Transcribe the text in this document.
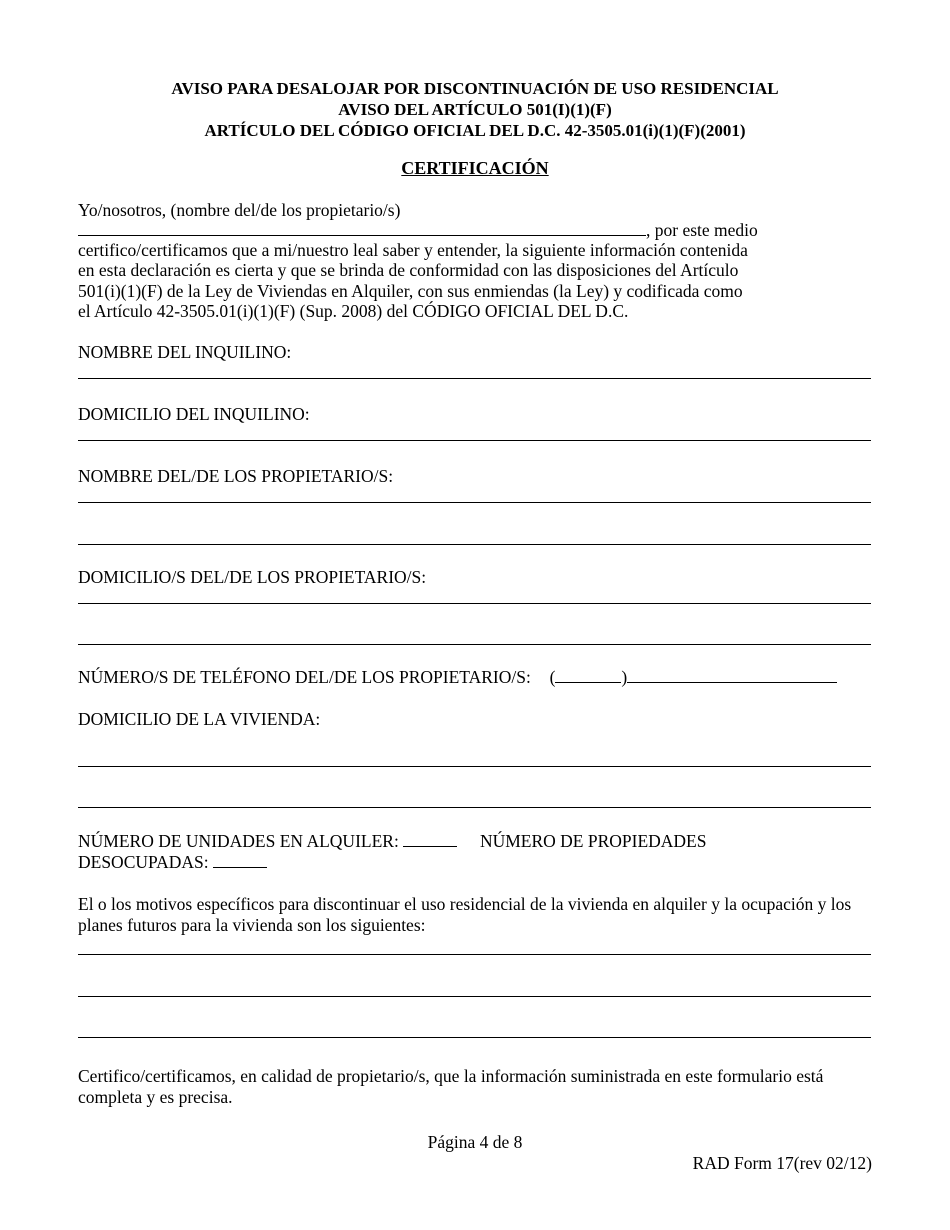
AVISO PARA DESALOJAR POR DISCONTINUACIÓN DE USO RESIDENCIAL
AVISO DEL ARTÍCULO 501(I)(1)(F)
ARTÍCULO DEL CÓDIGO OFICIAL DEL D.C. 42-3505.01(i)(1)(F)(2001)
CERTIFICACIÓN
Yo/nosotros, (nombre del/de los propietario/s)
, por este medio
certifico/certificamos que a mi/nuestro leal saber y entender, la siguiente información contenida
en esta declaración es cierta y que se brinda de conformidad con las disposiciones del Artículo
501(i)(1)(F) de la Ley de Viviendas en Alquiler, con sus enmiendas (la Ley) y codificada como
el Artículo 42-3505.01(i)(1)(F) (Sup. 2008) del CÓDIGO OFICIAL DEL D.C.
NOMBRE DEL INQUILINO:
DOMICILIO DEL INQUILINO:
NOMBRE DEL/DE LOS PROPIETARIO/S:
DOMICILIO/S DEL/DE LOS PROPIETARIO/S:
NÚMERO/S DE TELÉFONO DEL/DE LOS PROPIETARIO/S: (	)
DOMICILIO DE LA VIVIENDA:
NÚMERO DE UNIDADES EN ALQUILER:	NÚMERO DE PROPIEDADES
DESOCUPADAS:
El o los motivos específicos para discontinuar el uso residencial de la vivienda en alquiler y la ocupación y los planes futuros para la vivienda son los siguientes:
Certifico/certificamos, en calidad de propietario/s, que la información suministrada en este formulario está completa y es precisa.
Página 4 de 8
RAD Form 17(rev 02/12)
